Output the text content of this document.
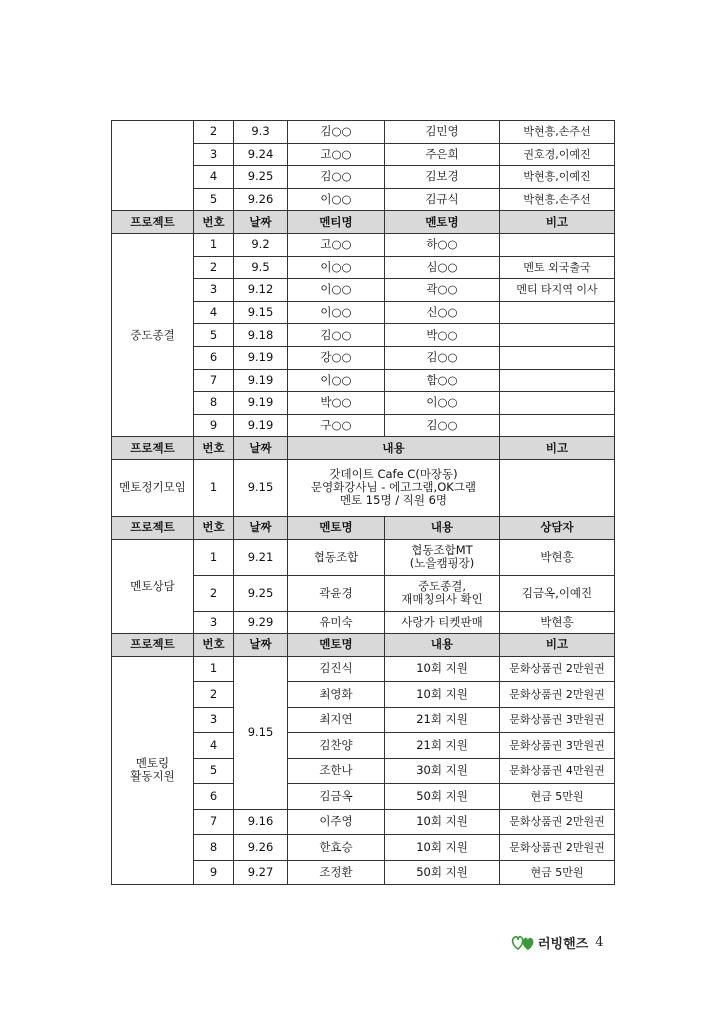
	2	9.3	김○○	김민영	박현흥,손주선
	3	9.24	고○○	주은희	권호경,이예진
	4	9.25	김○○	김보경	박현흥,이예진
	5	9.26	이○○	김규식	박현흥,손주선
프로젝트	번호	날짜	멘티명	멘토명	비고
중도종결	1	9.2	고○○	하○○	
	2	9.5	이○○	심○○	멘토 외국출국
	3	9.12	이○○	곽○○	멘티 타지역 이사
	4	9.15	이○○	신○○	
	5	9.18	김○○	박○○	
	6	9.19	강○○	김○○	
	7	9.19	이○○	함○○	
	8	9.19	박○○	이○○	
	9	9.19	구○○	김○○	
프로젝트	번호	날짜	내용		비고
멘토정기모임	1	9.15	갓데이트 Cafe C(마장동)
문영화강사님 - 에고그램,OK그램
멘토 15명 / 직원 6명		
프로젝트	번호	날짜	멘토명	내용	상담자
멘토상담	1	9.21	협동조합	협동조합MT
(노을캠핑장)	박현흥
	2	9.25	곽윤경	중도종결,
재매칭의사 확인	김금옥,이예진
	3	9.29	유미숙	사랑가 티켓판매	박현흥
프로젝트	번호	날짜	멘토명	내용	비고
멘토링
활동지원	1	9.15	김진식	10회 지원	문화상품권 2만원권
	2		최영화	10회 지원	문화상품권 2만원권
	3		최지연	21회 지원	문화상품권 3만원권
	4		김찬양	21회 지원	문화상품권 3만원권
	5		조한나	30회 지원	문화상품권 4만원권
	6		김금옥	50회 지원	현금 5만원
	7	9.16	이주영	10회 지원	문화상품권 2만원권
	8	9.26	한효승	10회 지원	문화상품권 2만원권
	9	9.27	조정환	50회 지원	현금 5만원
러빙핸즈 4
